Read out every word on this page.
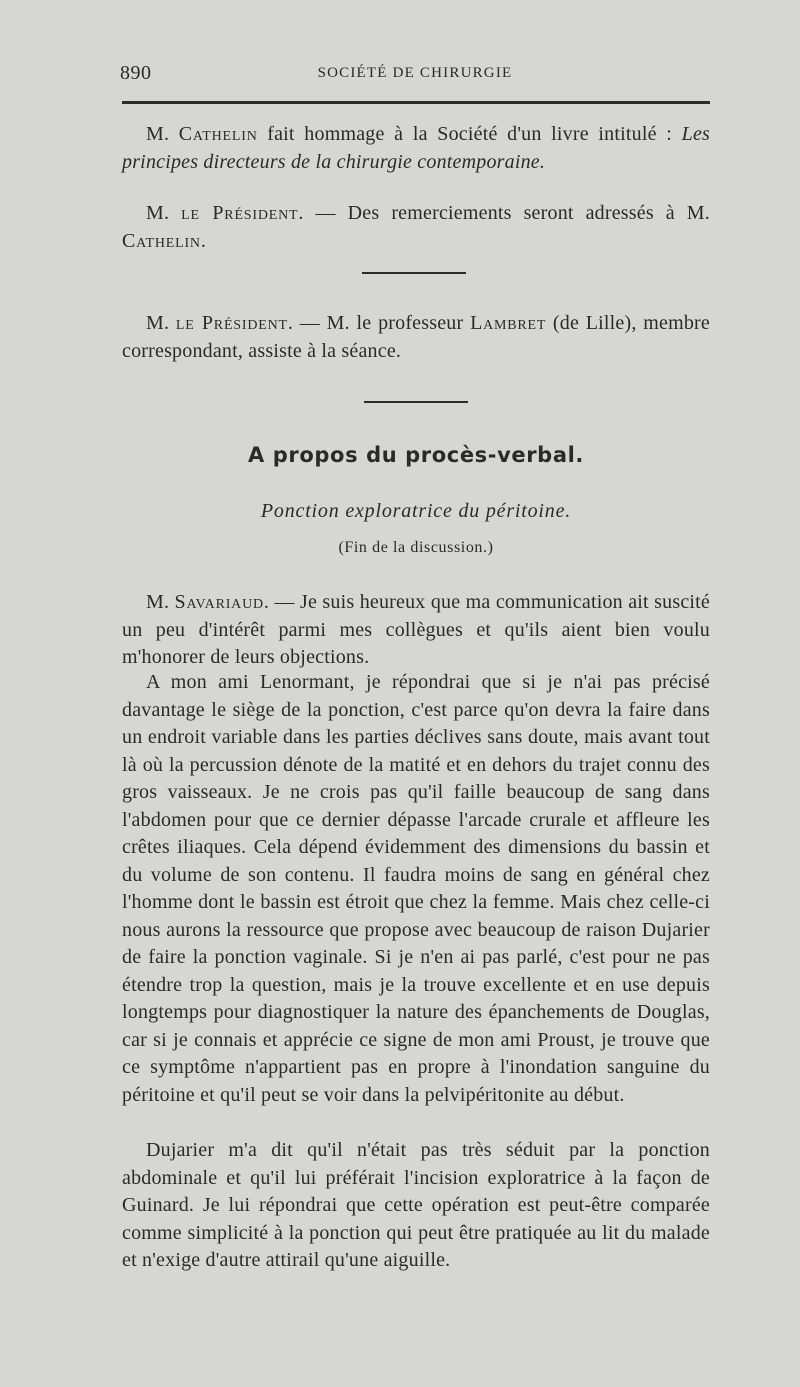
890	SOCIÉTÉ DE CHIRURGIE

M. Cathelin fait hommage à la Société d'un livre intitulé : Les principes directeurs de la chirurgie contemporaine.

M. le Président. — Des remerciements seront adressés à M. Cathelin.

M. le Président. — M. le professeur Lambret (de Lille), membre correspondant, assiste à la séance.

A propos du procès-verbal.

Ponction exploratrice du péritoine.

(Fin de la discussion.)

M. Savariaud. — Je suis heureux que ma communication ait suscité un peu d'intérêt parmi mes collègues et qu'ils aient bien voulu m'honorer de leurs objections.

A mon ami Lenormant, je répondrai que si je n'ai pas précisé davantage le siège de la ponction, c'est parce qu'on devra la faire dans un endroit variable dans les parties déclives sans doute, mais avant tout là où la percussion dénote de la matité et en dehors du trajet connu des gros vaisseaux. Je ne crois pas qu'il faille beaucoup de sang dans l'abdomen pour que ce dernier dépasse l'arcade crurale et affleure les crêtes iliaques. Cela dépend évidemment des dimensions du bassin et du volume de son contenu. Il faudra moins de sang en général chez l'homme dont le bassin est étroit que chez la femme. Mais chez celle-ci nous aurons la ressource que propose avec beaucoup de raison Dujarier de faire la ponction vaginale. Si je n'en ai pas parlé, c'est pour ne pas étendre trop la question, mais je la trouve excellente et en use depuis longtemps pour diagnostiquer la nature des épanchements de Douglas, car si je connais et apprécie ce signe de mon ami Proust, je trouve que ce symptôme n'appartient pas en propre à l'inondation sanguine du péritoine et qu'il peut se voir dans la pelvipéritonite au début.

Dujarier m'a dit qu'il n'était pas très séduit par la ponction abdominale et qu'il lui préférait l'incision exploratrice à la façon de Guinard. Je lui répondrai que cette opération est peut-être comparée comme simplicité à la ponction qui peut être pratiquée au lit du malade et n'exige d'autre attirail qu'une aiguille.
